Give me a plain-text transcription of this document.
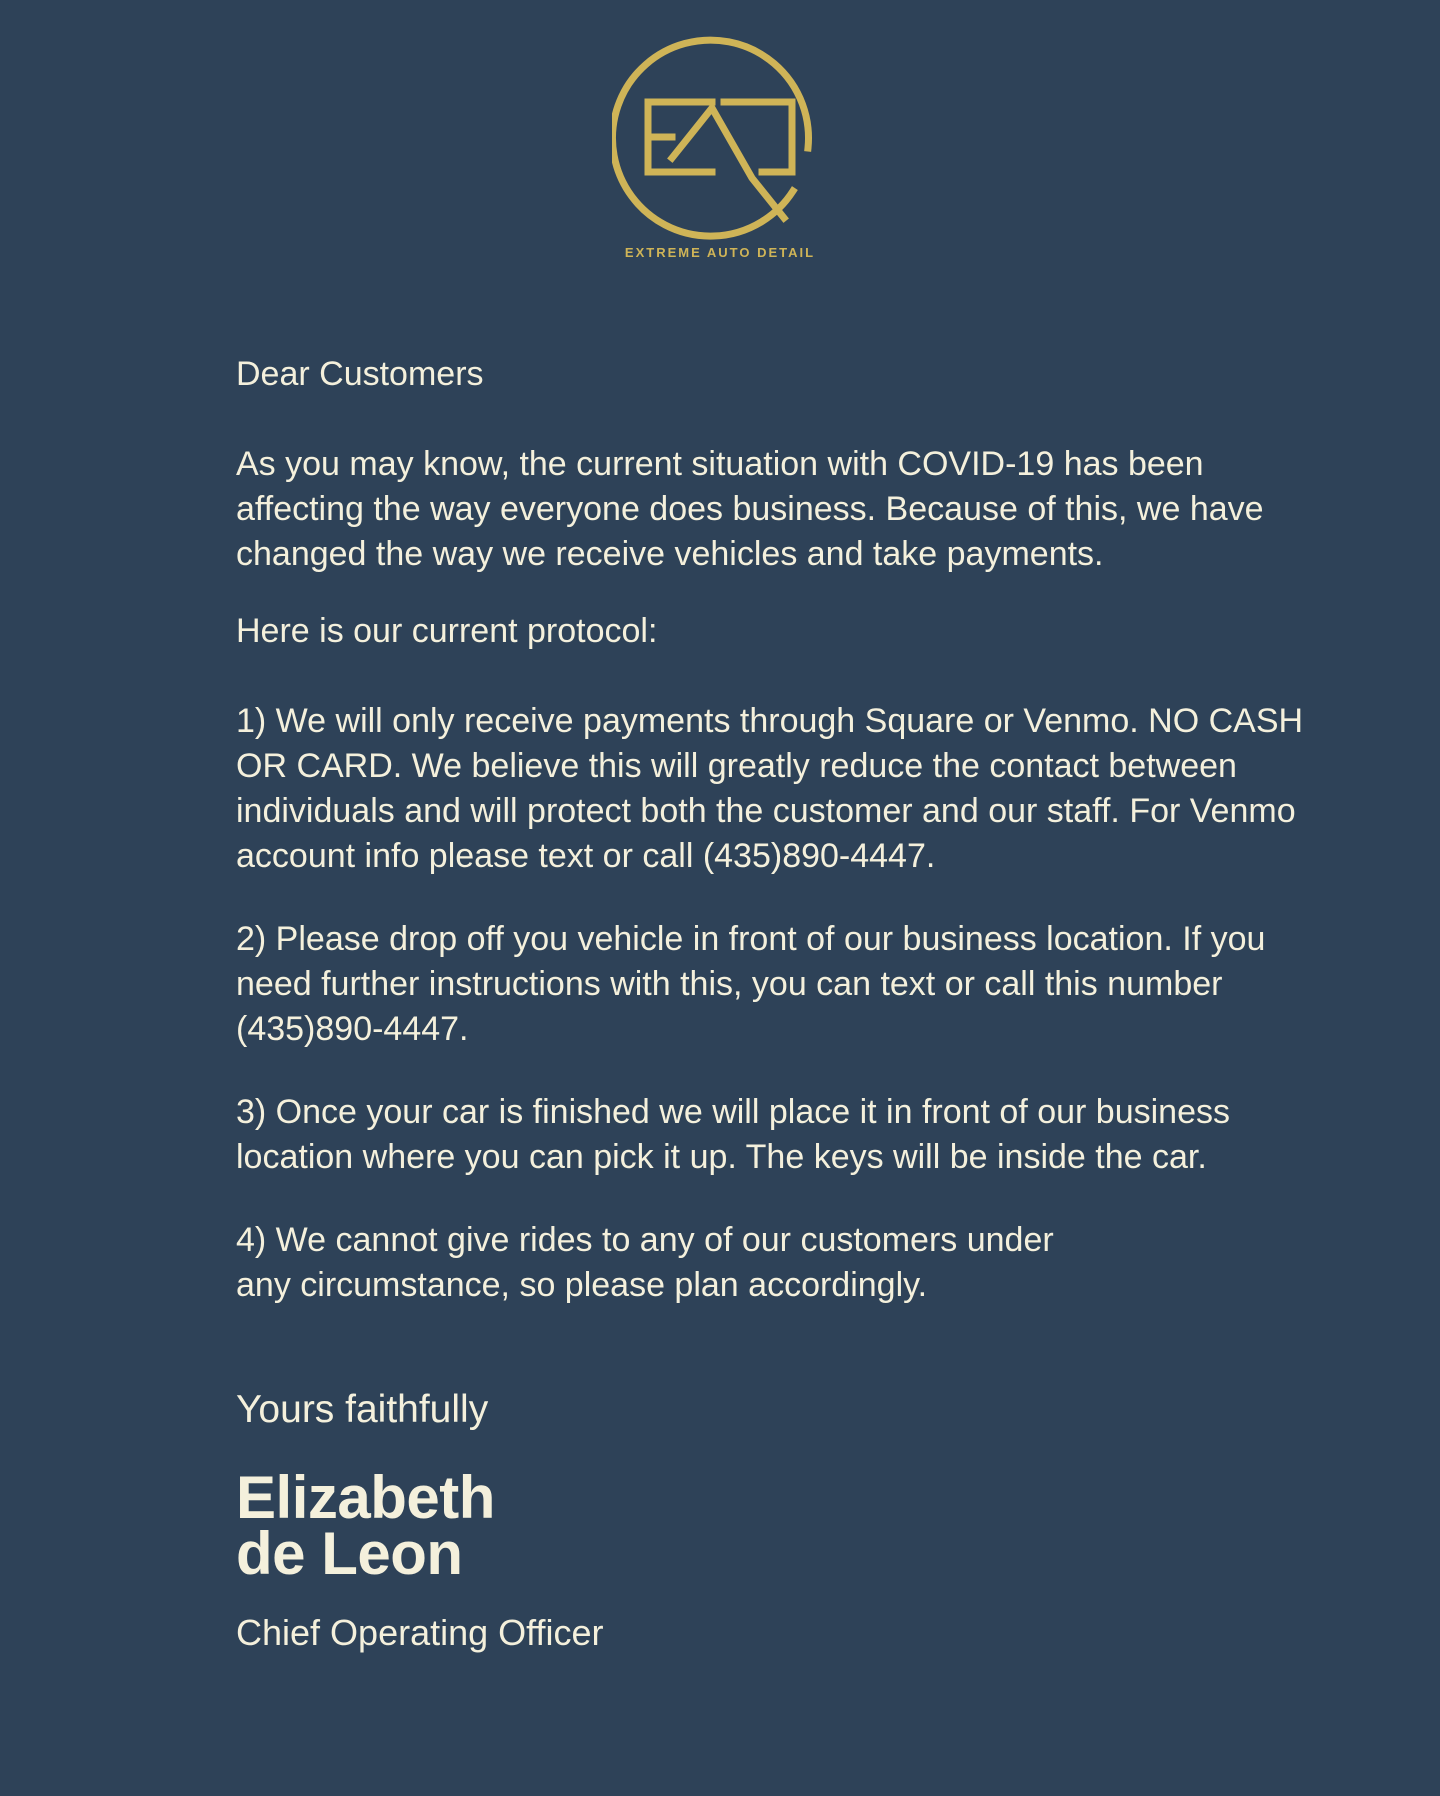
EXTREME AUTO DETAIL

Dear Customers

As you may know, the current situation with COVID-19 has been affecting the way everyone does business. Because of this, we have changed the way we receive vehicles and take payments.

Here is our current protocol:

1) We will only receive payments through Square or Venmo. NO CASH OR CARD. We believe this will greatly reduce the contact between individuals and will protect both the customer and our staff. For Venmo account info please text or call (435)890-4447.

2) Please drop off you vehicle in front of our business location. If you need further instructions with this, you can text or call this number (435)890-4447.

3) Once your car is finished we will place it in front of our business location where you can pick it up. The keys will be inside the car.

4) We cannot give rides to any of our customers under any circumstance, so please plan accordingly.

Yours faithfully

Elizabeth
de Leon

Chief Operating Officer
